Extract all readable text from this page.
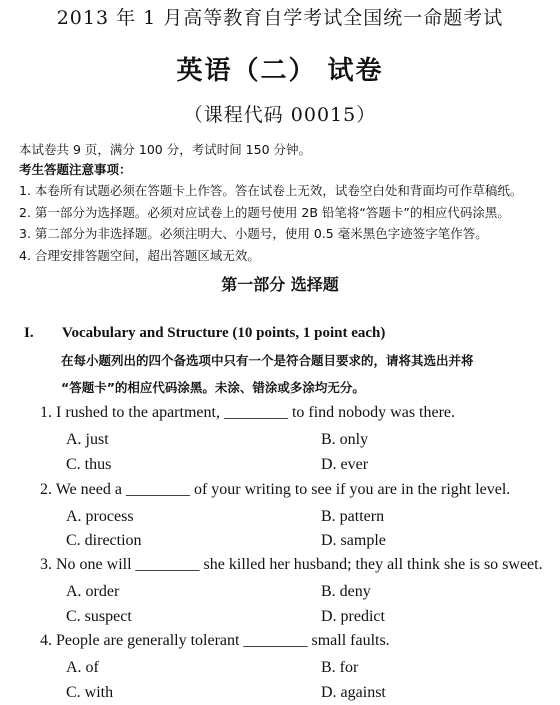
2013 年 1 月高等教育自学考试全国统一命题考试
英语（二） 试卷
（课程代码 00015）
本试卷共 9 页，满分 100 分，考试时间 150 分钟。
考生答题注意事项：
1. 本卷所有试题必须在答题卡上作答。答在试卷上无效，试卷空白处和背面均可作草稿纸。
2. 第一部分为选择题。必须对应试卷上的题号使用 2B 铅笔将“答题卡”的相应代码涂黑。
3. 第二部分为非选择题。必须注明大、小题号，使用 0.5 毫米黑色字迹签字笔作答。
4. 合理安排答题空间，超出答题区域无效。
第一部分 选择题
I. Vocabulary and Structure (10 points, 1 point each)
在每小题列出的四个备选项中只有一个是符合题目要求的，请将其选出并将
“答题卡”的相应代码涂黑。未涂、错涂或多涂均无分。
1. I rushed to the apartment, ________ to find nobody was there.
A. just	B. only
C. thus	D. ever
2. We need a ________ of your writing to see if you are in the right level.
A. process	B. pattern
C. direction	D. sample
3. No one will ________ she killed her husband; they all think she is so sweet.
A. order	B. deny
C. suspect	D. predict
4. People are generally tolerant ________ small faults.
A. of	B. for
C. with	D. against
